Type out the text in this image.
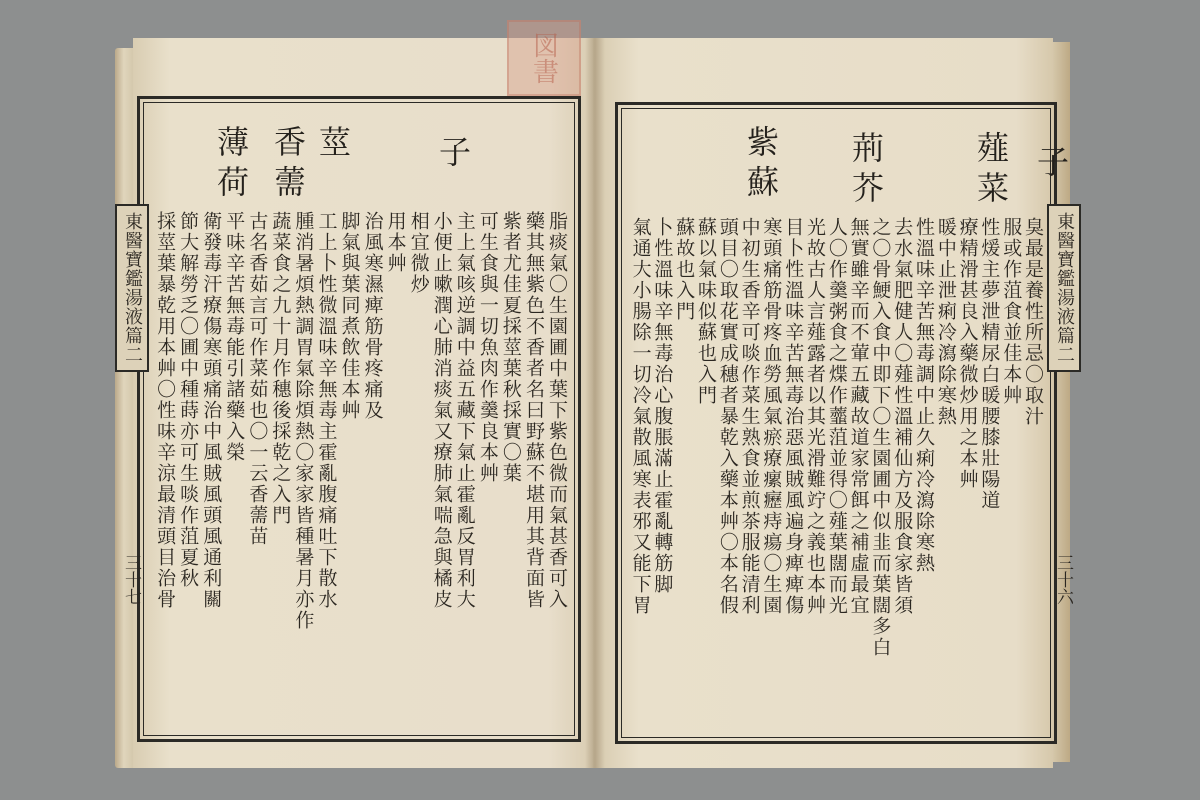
図書
脂痰氣〇生園圃中葉下紫色微而氣甚香可入
藥其無紫色不香者名曰野蘇不堪用其背面皆
紫者尤佳夏採莖葉秋採實〇葉
可生食與一切魚肉作羹良本艸
主上氣咳逆調中益五藏下氣止霍亂反胃利大
小便止嗽潤心肺消痰氣又療肺氣喘急與橘皮
相宜微炒
用本艸
治風寒濕痺筋骨疼痛及
脚氣與葉同煮飲佳本艸
工上卜性微溫味辛無毒主霍亂腹痛吐下散水
腫消暑煩熱調胃氣除煩熱〇家家皆種暑月亦作
蔬菜食之九十月作穗後採乾之入門
古名香茹言可作菜茹也〇一云香薷苗
平味辛苦無毒能引諸藥入榮
衛發毒汗療傷寒頭痛治中風賊風頭風通利關
節大解勞乏〇圃中種蒔亦可生啖作菹夏秋
採莖葉暴乾用本艸〇性味辛涼最清頭目治骨
子
莖
香薷
薄荷
東醫寶鑑湯液篇二
三十七
臭最是養性所忌〇取汁
服或作菹食並佳本艸
性煖主夢泄精尿白暖腰膝壯陽道
療精滑甚良入藥微炒用之本艸
暖中止泄痢冷瀉除寒熱
性溫味辛苦無毒調中止久痢冷瀉除寒熱
去水氣肥健人〇薤性溫補仙方及服食家皆須
之〇骨鯁入食中即下〇生園圃中似韭而葉闊多白
無實雖辛而不葷五藏故道家常餌之補虛最宜
人〇作羹粥食之煠作虀菹並得〇薤葉闊而光
光故古人言薤露者以其光滑難竚之義也本艸
目卜性溫味辛苦無毒治惡風賊風遍身痺痺傷
寒頭痛筋骨疼血勞風氣瘀療瘰癧痔瘍〇生園
中初生香辛可啖作菜生熟食並煎茶服能清利
頭目〇取花實成穗者暴乾入藥本艸〇本名假
蘇以氣味似蘇也入門
蘇故也入門
卜性溫味辛無毒治心腹脹滿止霍亂轉筋脚
氣通大小腸除一切冷氣散風寒表邪又能下胃
子
薤菜
荊芥
紫蘇
東醫寶鑑湯液篇二
三十六
